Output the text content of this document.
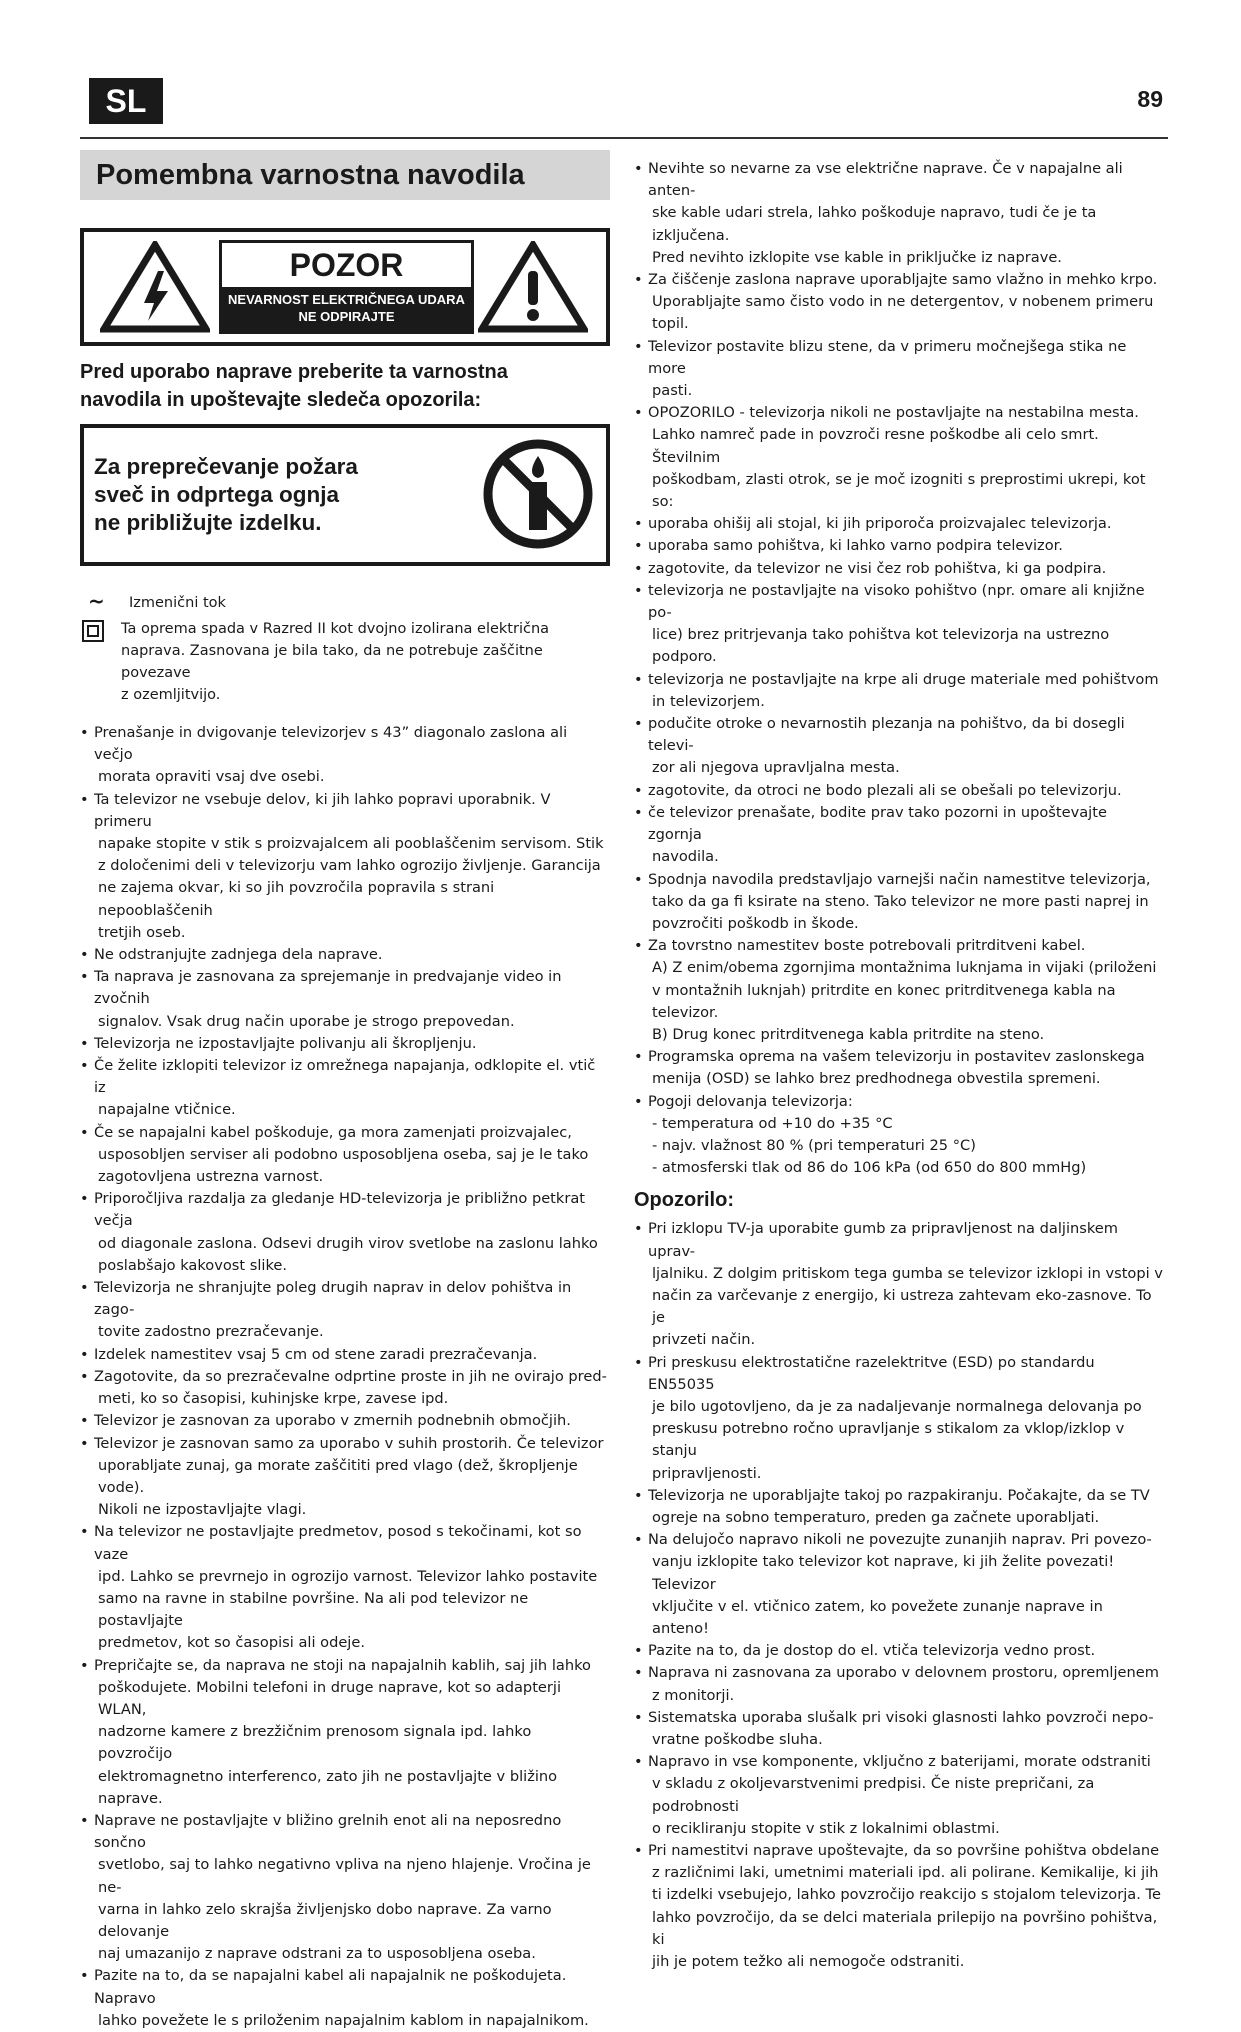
SL	89
Pomembna varnostna navodila
POZOR
NEVARNOST ELEKTRIČNEGA UDARA
NE ODPIRAJTE
Pred uporabo naprave preberite ta varnostna
navodila in upoštevajte sledeča opozorila:
Za preprečevanje požara
sveč in odprtega ognja
ne približujte izdelku.
~	Izmenični tok
Ta oprema spada v Razred II kot dvojno izolirana električna
naprava. Zasnovana je bila tako, da ne potrebuje zaščitne povezave
z ozemljitvijo.
• Prenašanje in dvigovanje televizorjev s 43” diagonalo zaslona ali večjo
morata opraviti vsaj dve osebi.
• Ta televizor ne vsebuje delov, ki jih lahko popravi uporabnik. V primeru
napake stopite v stik s proizvajalcem ali pooblaščenim servisom. Stik
z določenimi deli v televizorju vam lahko ogrozijo življenje. Garancija
ne zajema okvar, ki so jih povzročila popravila s strani nepooblaščenih
tretjih oseb.
• Ne odstranjujte zadnjega dela naprave.
• Ta naprava je zasnovana za sprejemanje in predvajanje video in zvočnih
signalov. Vsak drug način uporabe je strogo prepovedan.
• Televizorja ne izpostavljajte polivanju ali škropljenju.
• Če želite izklopiti televizor iz omrežnega napajanja, odklopite el. vtič iz
napajalne vtičnice.
• Če se napajalni kabel poškoduje, ga mora zamenjati proizvajalec,
usposobljen serviser ali podobno usposobljena oseba, saj je le tako
zagotovljena ustrezna varnost.
• Priporočljiva razdalja za gledanje HD-televizorja je približno petkrat večja
od diagonale zaslona. Odsevi drugih virov svetlobe na zaslonu lahko
poslabšajo kakovost slike.
• Televizorja ne shranjujte poleg drugih naprav in delov pohištva in zago-
tovite zadostno prezračevanje.
• Izdelek namestitev vsaj 5 cm od stene zaradi prezračevanja.
• Zagotovite, da so prezračevalne odprtine proste in jih ne ovirajo pred-
meti, ko so časopisi, kuhinjske krpe, zavese ipd.
• Televizor je zasnovan za uporabo v zmernih podnebnih območjih.
• Televizor je zasnovan samo za uporabo v suhih prostorih. Če televizor
uporabljate zunaj, ga morate zaščititi pred vlago (dež, škropljenje vode).
Nikoli ne izpostavljajte vlagi.
• Na televizor ne postavljajte predmetov, posod s tekočinami, kot so vaze
ipd. Lahko se prevrnejo in ogrozijo varnost. Televizor lahko postavite
samo na ravne in stabilne površine. Na ali pod televizor ne postavljajte
predmetov, kot so časopisi ali odeje.
• Prepričajte se, da naprava ne stoji na napajalnih kablih, saj jih lahko
poškodujete. Mobilni telefoni in druge naprave, kot so adapterji WLAN,
nadzorne kamere z brezžičnim prenosom signala ipd. lahko povzročijo
elektromagnetno interferenco, zato jih ne postavljajte v bližino naprave.
• Naprave ne postavljajte v bližino grelnih enot ali na neposredno sončno
svetlobo, saj to lahko negativno vpliva na njeno hlajenje. Vročina je ne-
varna in lahko zelo skrajša življenjsko dobo naprave. Za varno delovanje
naj umazanijo z naprave odstrani za to usposobljena oseba.
• Pazite na to, da se napajalni kabel ali napajalnik ne poškodujeta. Napravo
lahko povežete le s priloženim napajalnim kablom in napajalnikom.
• Nevihte so nevarne za vse električne naprave. Če v napajalne ali anten-
ske kable udari strela, lahko poškoduje napravo, tudi če je ta izključena.
Pred nevihto izklopite vse kable in priključke iz naprave.
• Za čiščenje zaslona naprave uporabljajte samo vlažno in mehko krpo.
Uporabljajte samo čisto vodo in ne detergentov, v nobenem primeru
topil.
• Televizor postavite blizu stene, da v primeru močnejšega stika ne more
pasti.
• OPOZORILO - televizorja nikoli ne postavljajte na nestabilna mesta.
Lahko namreč pade in povzroči resne poškodbe ali celo smrt. Številnim
poškodbam, zlasti otrok, se je moč izogniti s preprostimi ukrepi, kot so:
• uporaba ohišij ali stojal, ki jih priporoča proizvajalec televizorja.
• uporaba samo pohištva, ki lahko varno podpira televizor.
• zagotovite, da televizor ne visi čez rob pohištva, ki ga podpira.
• televizorja ne postavljajte na visoko pohištvo (npr. omare ali knjižne po-
lice) brez pritrjevanja tako pohištva kot televizorja na ustrezno podporo.
• televizorja ne postavljajte na krpe ali druge materiale med pohištvom
in televizorjem.
• podučite otroke o nevarnostih plezanja na pohištvo, da bi dosegli televi-
zor ali njegova upravljalna mesta.
• zagotovite, da otroci ne bodo plezali ali se obešali po televizorju.
• če televizor prenašate, bodite prav tako pozorni in upoštevajte zgornja
navodila.
• Spodnja navodila predstavljajo varnejši način namestitve televizorja,
tako da ga fi ksirate na steno. Tako televizor ne more pasti naprej in
povzročiti poškodb in škode.
• Za tovrstno namestitev boste potrebovali pritrditveni kabel.
A) Z enim/obema zgornjima montažnima luknjama in vijaki (priloženi
v montažnih luknjah) pritrdite en konec pritrditvenega kabla na
televizor.
B) Drug konec pritrditvenega kabla pritrdite na steno.
• Programska oprema na vašem televizorju in postavitev zaslonskega
menija (OSD) se lahko brez predhodnega obvestila spremeni.
• Pogoji delovanja televizorja:
- temperatura od +10 do +35 °C
- najv. vlažnost 80 % (pri temperaturi 25 °C)
- atmosferski tlak od 86 do 106 kPa (od 650 do 800 mmHg)
Opozorilo:
• Pri izklopu TV-ja uporabite gumb za pripravljenost na daljinskem uprav-
ljalniku. Z dolgim pritiskom tega gumba se televizor izklopi in vstopi v
način za varčevanje z energijo, ki ustreza zahtevam eko-zasnove. To je
privzeti način.
• Pri preskusu elektrostatične razelektritve (ESD) po standardu EN55035
je bilo ugotovljeno, da je za nadaljevanje normalnega delovanja po
preskusu potrebno ročno upravljanje s stikalom za vklop/izklop v stanju
pripravljenosti.
• Televizorja ne uporabljajte takoj po razpakiranju. Počakajte, da se TV
ogreje na sobno temperaturo, preden ga začnete uporabljati.
• Na delujočo napravo nikoli ne povezujte zunanjih naprav. Pri povezo-
vanju izklopite tako televizor kot naprave, ki jih želite povezati! Televizor
vključite v el. vtičnico zatem, ko povežete zunanje naprave in anteno!
• Pazite na to, da je dostop do el. vtiča televizorja vedno prost.
• Naprava ni zasnovana za uporabo v delovnem prostoru, opremljenem
z monitorji.
• Sistematska uporaba slušalk pri visoki glasnosti lahko povzroči nepo-
vratne poškodbe sluha.
• Napravo in vse komponente, vključno z baterijami, morate odstraniti
v skladu z okoljevarstvenimi predpisi. Če niste prepričani, za podrobnosti
o recikliranju stopite v stik z lokalnimi oblastmi.
• Pri namestitvi naprave upoštevajte, da so površine pohištva obdelane
z različnimi laki, umetnimi materiali ipd. ali polirane. Kemikalije, ki jih
ti izdelki vsebujejo, lahko povzročijo reakcijo s stojalom televizorja. Te
lahko povzročijo, da se delci materiala prilepijo na površino pohištva, ki
jih je potem težko ali nemogoče odstraniti.
